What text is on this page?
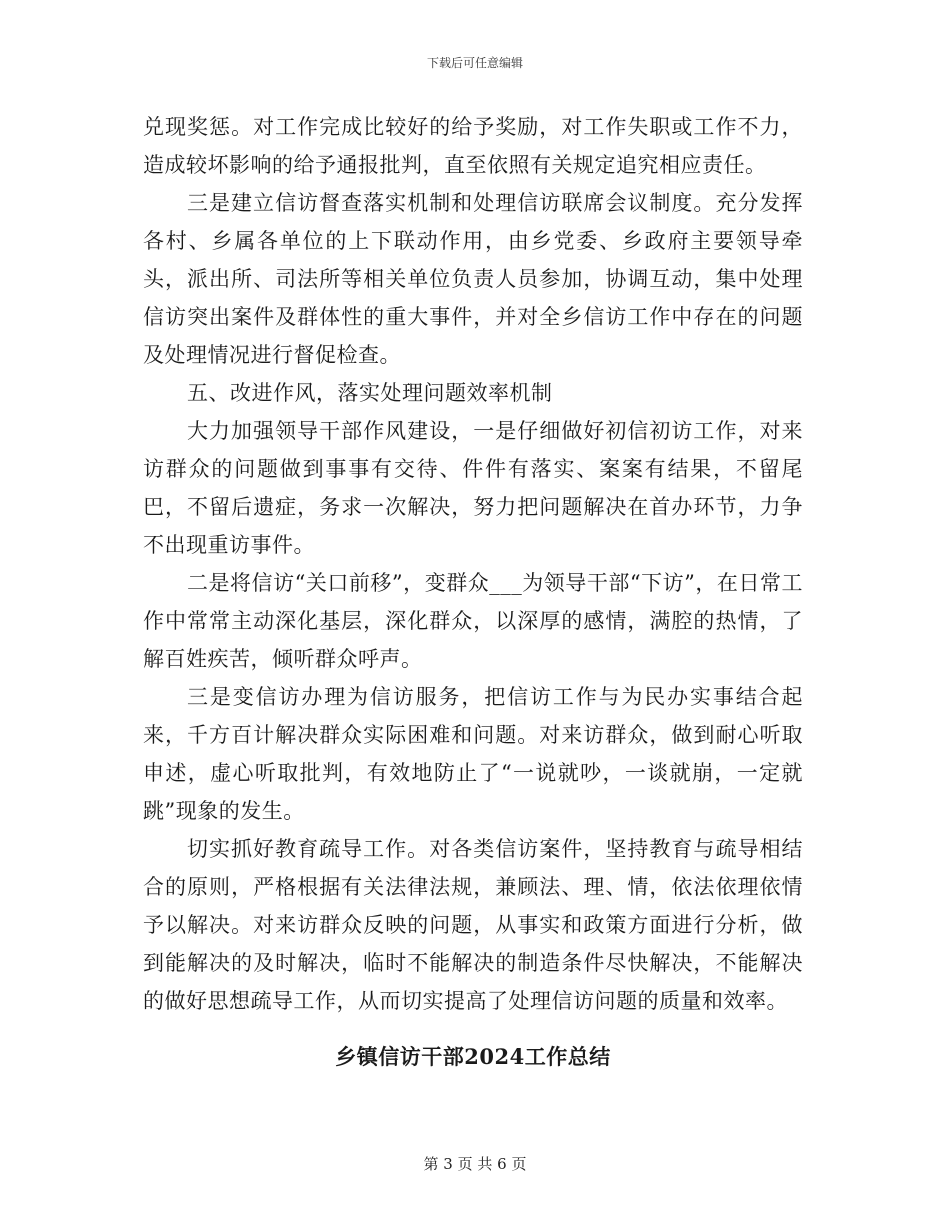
下载后可任意编辑

兑现奖惩。对工作完成比较好的给予奖励，对工作失职或工作不力，造成较坏影响的给予通报批判，直至依照有关规定追究相应责任。

三是建立信访督查落实机制和处理信访联席会议制度。充分发挥各村、乡属各单位的上下联动作用，由乡党委、乡政府主要领导牵头，派出所、司法所等相关单位负责人员参加，协调互动，集中处理信访突出案件及群体性的重大事件，并对全乡信访工作中存在的问题及处理情况进行督促检查。

五、改进作风，落实处理问题效率机制

大力加强领导干部作风建设，一是仔细做好初信初访工作，对来访群众的问题做到事事有交待、件件有落实、案案有结果，不留尾巴，不留后遗症，务求一次解决，努力把问题解决在首办环节，力争不出现重访事件。

二是将信访“关口前移”，变群众___为领导干部“下访”，在日常工作中常常主动深化基层，深化群众，以深厚的感情，满腔的热情，了解百姓疾苦，倾听群众呼声。

三是变信访办理为信访服务，把信访工作与为民办实事结合起来，千方百计解决群众实际困难和问题。对来访群众，做到耐心听取申述，虚心听取批判，有效地防止了“一说就吵，一谈就崩，一定就跳”现象的发生。

切实抓好教育疏导工作。对各类信访案件，坚持教育与疏导相结合的原则，严格根据有关法律法规，兼顾法、理、情，依法依理依情予以解决。对来访群众反映的问题，从事实和政策方面进行分析，做到能解决的及时解决，临时不能解决的制造条件尽快解决，不能解决的做好思想疏导工作，从而切实提高了处理信访问题的质量和效率。

乡镇信访干部2024工作总结
第 3 页 共 6 页
